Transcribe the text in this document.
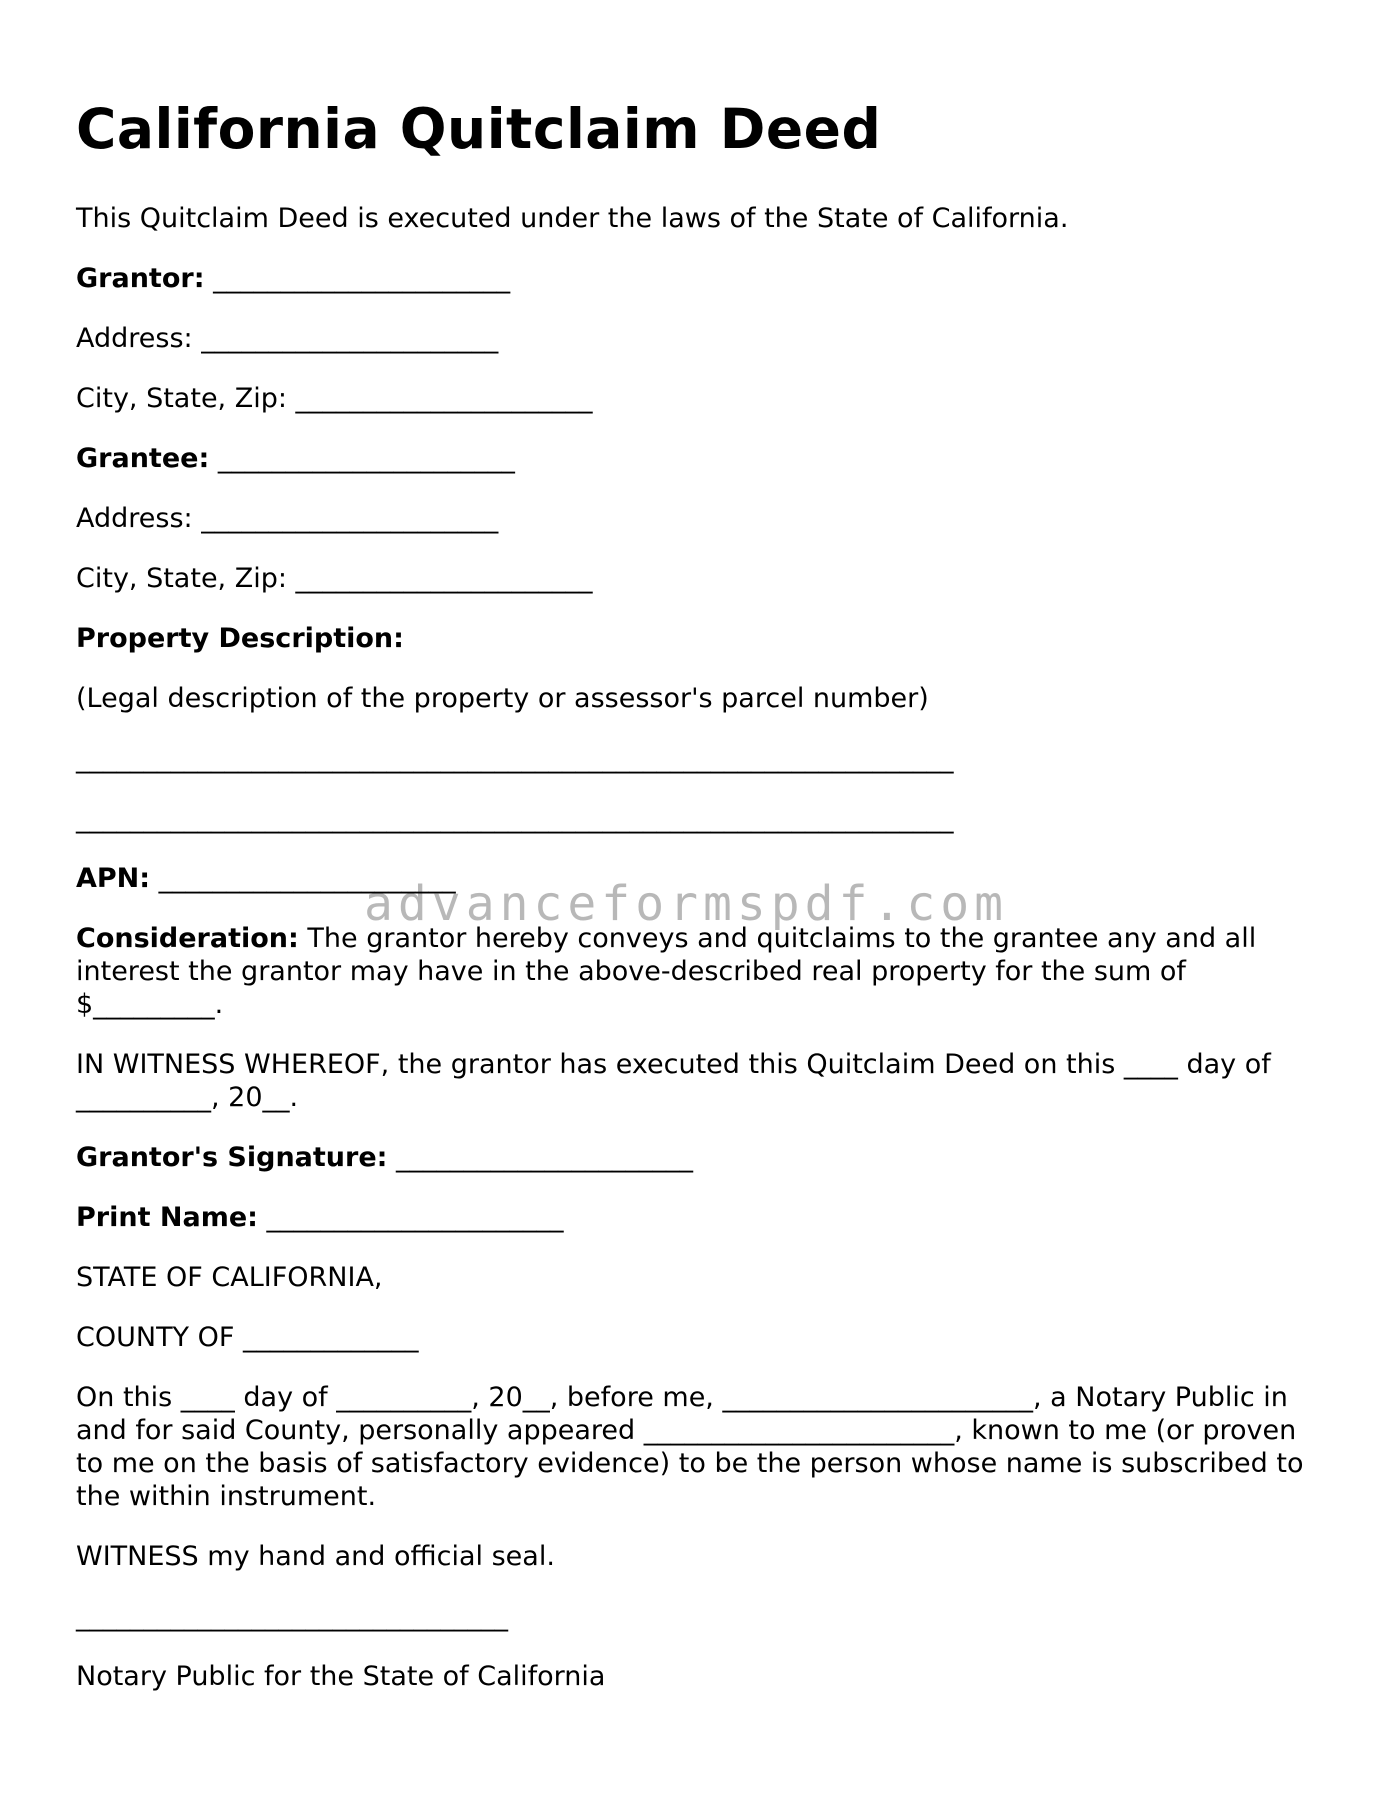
California Quitclaim Deed

This Quitclaim Deed is executed under the laws of the State of California.

Grantor: ______________________

Address: ______________________

City, State, Zip: ______________________

Grantee: ______________________

Address: ______________________

City, State, Zip: ______________________

Property Description:

(Legal description of the property or assessor's parcel number)

_________________________________________________________________

_________________________________________________________________

APN: ______________________

Consideration: The grantor hereby conveys and quitclaims to the grantee any and all interest the grantor may have in the above-described real property for the sum of $_________.

IN WITNESS WHEREOF, the grantor has executed this Quitclaim Deed on this ____ day of __________, 20__.

Grantor's Signature: ______________________

Print Name: ______________________

STATE OF CALIFORNIA,

COUNTY OF _____________

On this ____ day of __________, 20__, before me, _______________________, a Notary Public in and for said County, personally appeared _______________________, known to me (or proven to me on the basis of satisfactory evidence) to be the person whose name is subscribed to the within instrument.

WITNESS my hand and official seal.

________________________________

Notary Public for the State of California

advanceformspdf.com
